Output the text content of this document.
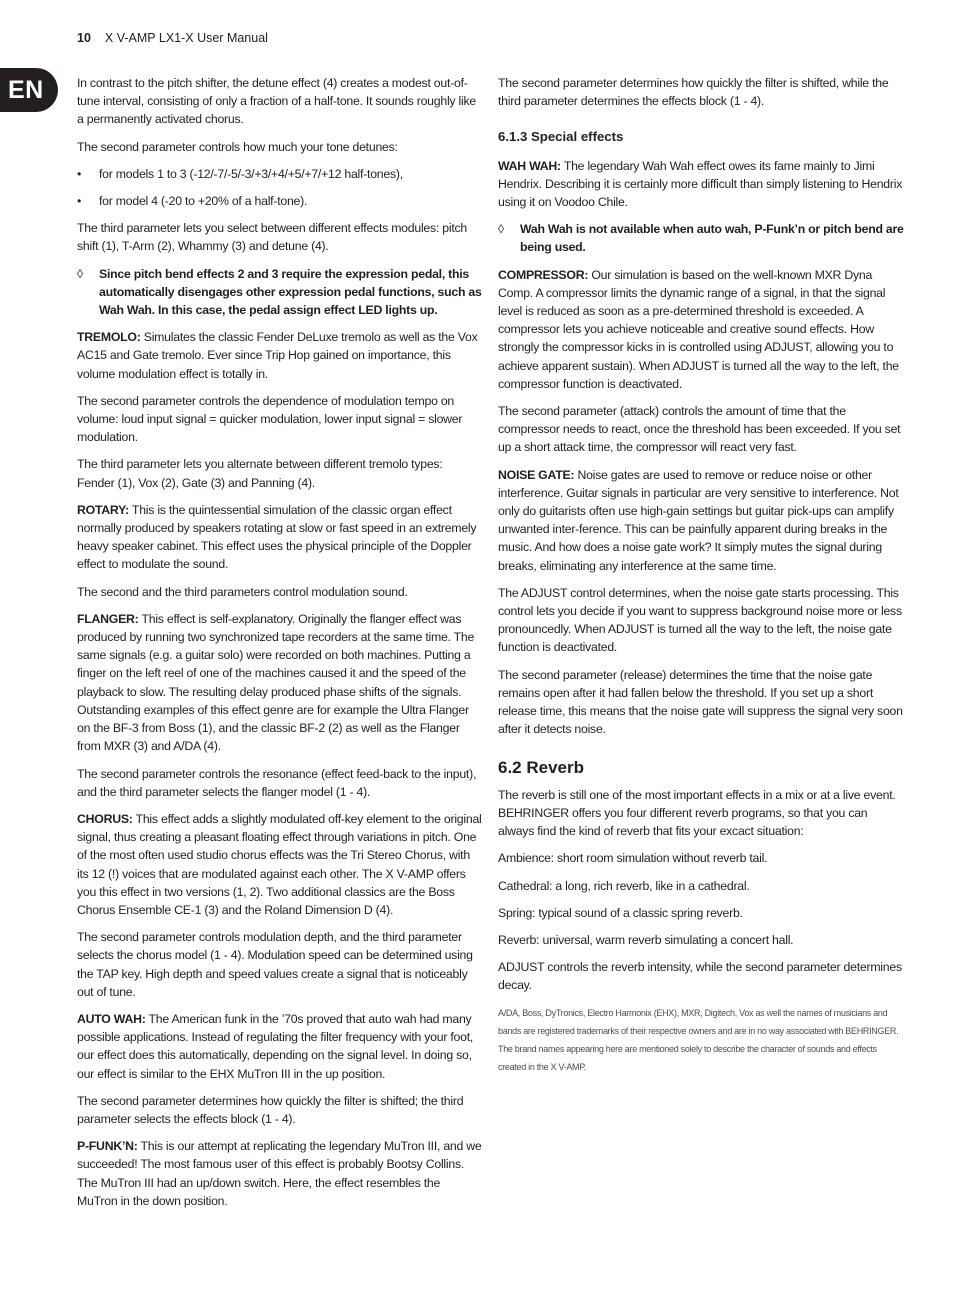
10 X V-AMP LX1-X User Manual
EN	In contrast to the pitch shifter, the detune effect (4) creates a modest out-of-tune interval, consisting of only a fraction of a half-tone. It sounds roughly like a permanently activated chorus.

The second parameter controls how much your tone detunes:

• for models 1 to 3 (-12/-7/-5/-3/+3/+4/+5/+7/+12 half-tones),
• for model 4 (-20 to +20% of a half-tone).

The third parameter lets you select between different effects modules: pitch shift (1), T-Arm (2), Whammy (3) and detune (4).

◊ Since pitch bend effects 2 and 3 require the expression pedal, this automatically disengages other expression pedal functions, such as Wah Wah. In this case, the pedal assign effect LED lights up.

TREMOLO: Simulates the classic Fender DeLuxe tremolo as well as the Vox AC15 and Gate tremolo. Ever since Trip Hop gained on importance, this volume modulation effect is totally in.

The second parameter controls the dependence of modulation tempo on volume: loud input signal = quicker modulation, lower input signal = slower modulation.

The third parameter lets you alternate between different tremolo types: Fender (1), Vox (2), Gate (3) and Panning (4).

ROTARY: This is the quintessential simulation of the classic organ effect normally produced by speakers rotating at slow or fast speed in an extremely heavy speaker cabinet. This effect uses the physical principle of the Doppler effect to modulate the sound.

The second and the third parameters control modulation sound.

FLANGER: This effect is self-explanatory. Originally the flanger effect was produced by running two synchronized tape recorders at the same time. The same signals (e.g. a guitar solo) were recorded on both machines. Putting a finger on the left reel of one of the machines caused it and the speed of the playback to slow. The resulting delay produced phase shifts of the signals. Outstanding examples of this effect genre are for example the Ultra Flanger on the BF-3 from Boss (1), and the classic BF-2 (2) as well as the Flanger from MXR (3) and A/DA (4).

The second parameter controls the resonance (effect feed-back to the input), and the third parameter selects the flanger model (1 - 4).

CHORUS: This effect adds a slightly modulated off-key element to the original signal, thus creating a pleasant floating effect through variations in pitch. One of the most often used studio chorus effects was the Tri Stereo Chorus, with its 12 (!) voices that are modulated against each other. The X V-AMP offers you this effect in two versions (1, 2). Two additional classics are the Boss Chorus Ensemble CE-1 (3) and the Roland Dimension D (4).

The second parameter controls modulation depth, and the third parameter selects the chorus model (1 - 4). Modulation speed can be determined using the TAP key. High depth and speed values create a signal that is noticeably out of tune.

AUTO WAH: The American funk in the ’70s proved that auto wah had many possible applications. Instead of regulating the filter frequency with your foot, our effect does this automatically, depending on the signal level. In doing so, our effect is similar to the EHX MuTron III in the up position.

The second parameter determines how quickly the filter is shifted; the third parameter selects the effects block (1 - 4).

P-FUNK’N: This is our attempt at replicating the legendary MuTron III, and we succeeded! The most famous user of this effect is probably Bootsy Collins. The MuTron III had an up/down switch. Here, the effect resembles the MuTron in the down position.

The second parameter determines how quickly the filter is shifted, while the third parameter determines the effects block (1 - 4).

6.1.3 Special effects

WAH WAH: The legendary Wah Wah effect owes its fame mainly to Jimi Hendrix. Describing it is certainly more difficult than simply listening to Hendrix using it on Voodoo Chile.

◊ Wah Wah is not available when auto wah, P-Funk’n or pitch bend are being used.

COMPRESSOR: Our simulation is based on the well-known MXR Dyna Comp. A compressor limits the dynamic range of a signal, in that the signal level is reduced as soon as a pre-determined threshold is exceeded. A compressor lets you achieve noticeable and creative sound effects. How strongly the compressor kicks in is controlled using ADJUST, allowing you to achieve apparent sustain). When ADJUST is turned all the way to the left, the compressor function is deactivated.

The second parameter (attack) controls the amount of time that the compressor needs to react, once the threshold has been exceeded. If you set up a short attack time, the compressor will react very fast.

NOISE GATE: Noise gates are used to remove or reduce noise or other interference. Guitar signals in particular are very sensitive to interference. Not only do guitarists often use high-gain settings but guitar pick-ups can amplify unwanted inter-ference. This can be painfully apparent during breaks in the music. And how does a noise gate work? It simply mutes the signal during breaks, eliminating any interference at the same time.

The ADJUST control determines, when the noise gate starts processing. This control lets you decide if you want to suppress background noise more or less pronouncedly. When ADJUST is turned all the way to the left, the noise gate function is deactivated.

The second parameter (release) determines the time that the noise gate remains open after it had fallen below the threshold. If you set up a short release time, this means that the noise gate will suppress the signal very soon after it detects noise.

6.2 Reverb

The reverb is still one of the most important effects in a mix or at a live event. BEHRINGER offers you four different reverb programs, so that you can always find the kind of reverb that fits your excact situation:

Ambience: short room simulation without reverb tail.

Cathedral: a long, rich reverb, like in a cathedral.

Spring: typical sound of a classic spring reverb.

Reverb: universal, warm reverb simulating a concert hall.

ADJUST controls the reverb intensity, while the second parameter determines decay.

A/DA, Boss, DyTronics, Electro Harmonix (EHX), MXR, Digitech, Vox as well the names of musicians and bands are registered trademarks of their respective owners and are in no way associated with BEHRINGER. The brand names appearing here are mentioned solely to describe the character of sounds and effects created in the X V-AMP.
